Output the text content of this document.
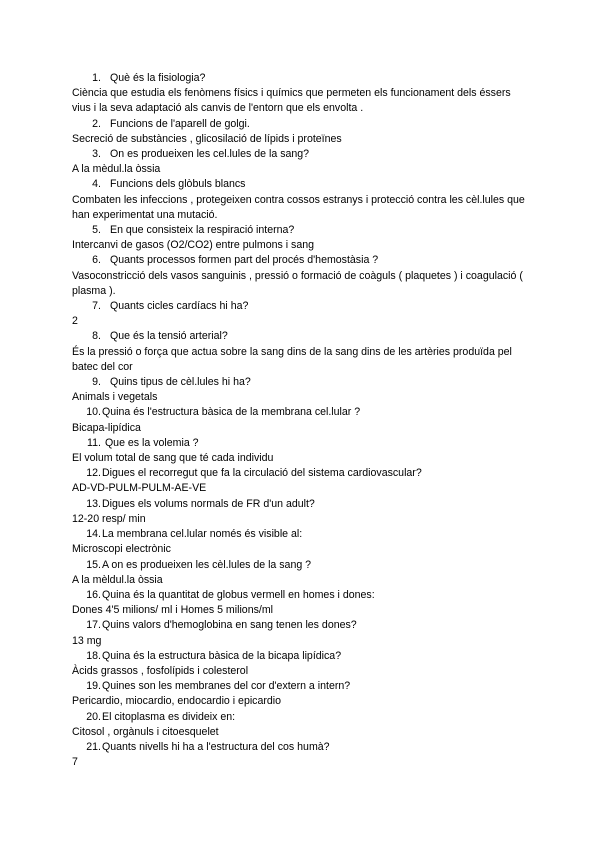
1. Què és la fisiologia?
Ciència que estudia els fenòmens físics i químics que permeten els funcionament dels éssers vius i la seva adaptació als canvis de l'entorn que els envolta .
2. Funcions de l'aparell de golgi.
Secreció de substàncies , glicosilació de lípids i proteïnes
3. On es produeixen les cel.lules de la sang?
A la mèdul.la òssia
4. Funcions dels glòbuls blancs
Combaten les infeccions , protegeixen contra cossos estranys i protecció contra les cèl.lules que han experimentat una mutació.
5. En que consisteix la respiració interna?
Intercanvi de gasos (O2/CO2) entre pulmons i sang
6. Quants processos formen part del procés d'hemostàsia ?
Vasoconstricció dels vasos sanguinis , pressió o formació de coàguls ( plaquetes ) i coagulació ( plasma ).
7. Quants cicles cardíacs hi ha?
2
8. Que és la tensió arterial?
És la pressió o força que actua sobre la sang dins de la sang dins de les artèries produïda pel batec del cor
9. Quins tipus de cèl.lules hi ha?
Animals i vegetals
10.Quina és l'estructura bàsica de la membrana cel.lular ?
Bicapa-lipídica
11. Que es la volemia ?
El volum total de sang que té cada individu
12.Digues el recorregut que fa la circulació del sistema cardiovascular?
AD-VD-PULM-PULM-AE-VE
13.Digues els volums normals de FR d'un adult?
12-20 resp/ min
14.La membrana cel.lular només és visible al:
Microscopi electrònic
15.A on es produeixen les cèl.lules de la sang ?
A la mèldul.la òssia
16.Quina és la quantitat de globus vermell en homes i dones:
Dones 4'5 milions/ ml i Homes 5 milions/ml
17.Quins valors d'hemoglobina en sang tenen les dones?
13 mg
18.Quina és la estructura bàsica de la bicapa lipídica?
Àcids grassos , fosfolípids i colesterol
19.Quines son les membranes del cor d'extern a intern?
Pericardio, miocardio, endocardio i epicardio
20.El citoplasma es divideix en:
Citosol , orgànuls i citoesquelet
21.Quants nivells hi ha a l'estructura del cos humà?
7
